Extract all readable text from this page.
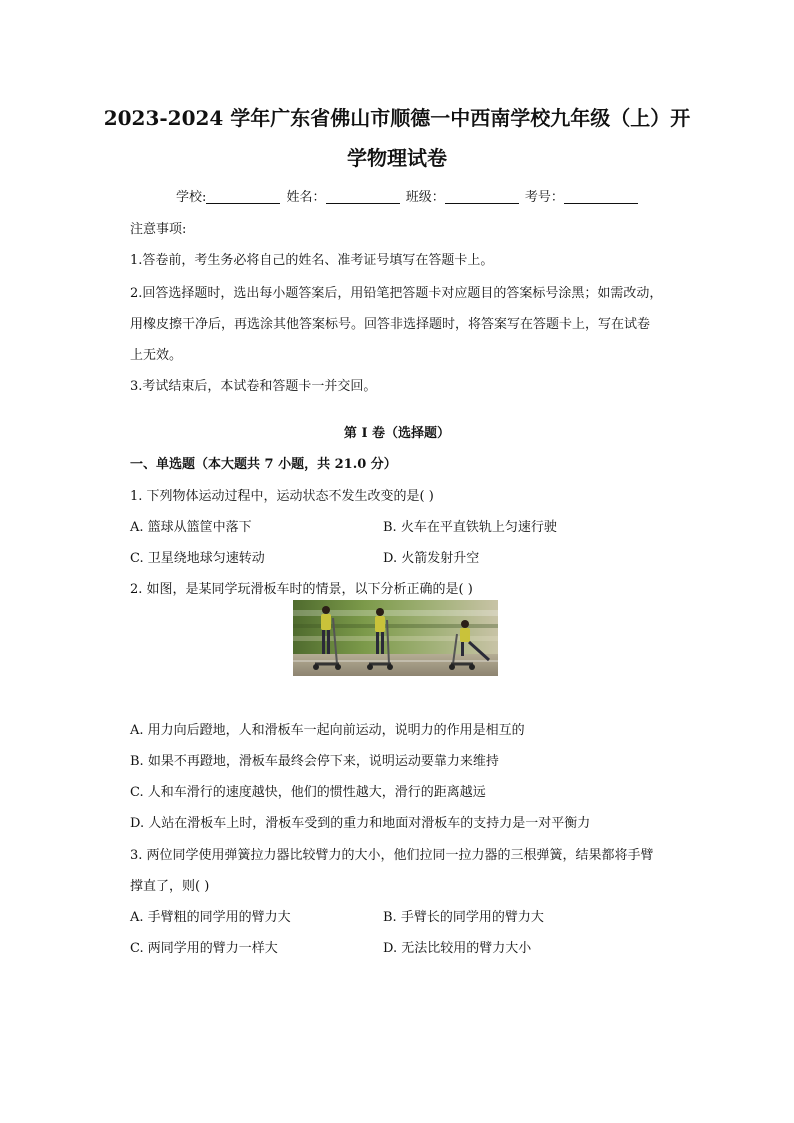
2023-2024 学年广东省佛山市顺德一中西南学校九年级（上）开
学物理试卷
学校:	姓名：	班级：	考号：
注意事项:
1.答卷前，考生务必将自己的姓名、准考证号填写在答题卡上。
2.回答选择题时，选出每小题答案后，用铅笔把答题卡对应题目的答案标号涂黑；如需改动，
用橡皮擦干净后，再选涂其他答案标号。回答非选择题时，将答案写在答题卡上，写在试卷
上无效。
3.考试结束后，本试卷和答题卡一并交回。
第 I 卷（选择题）
一、单选题（本大题共 7 小题，共 21.0 分）
1. 下列物体运动过程中，运动状态不发生改变的是( )
A. 篮球从篮筐中落下	B. 火车在平直铁轨上匀速行驶
C. 卫星绕地球匀速转动	D. 火箭发射升空
2. 如图，是某同学玩滑板车时的情景，以下分析正确的是( )
A. 用力向后蹬地，人和滑板车一起向前运动，说明力的作用是相互的
B. 如果不再蹬地，滑板车最终会停下来，说明运动要靠力来维持
C. 人和车滑行的速度越快，他们的惯性越大，滑行的距离越远
D. 人站在滑板车上时，滑板车受到的重力和地面对滑板车的支持力是一对平衡力
3. 两位同学使用弹簧拉力器比较臂力的大小，他们拉同一拉力器的三根弹簧，结果都将手臂
撑直了，则( )
A. 手臂粗的同学用的臂力大	B. 手臂长的同学用的臂力大
C. 两同学用的臂力一样大	D. 无法比较用的臂力大小
